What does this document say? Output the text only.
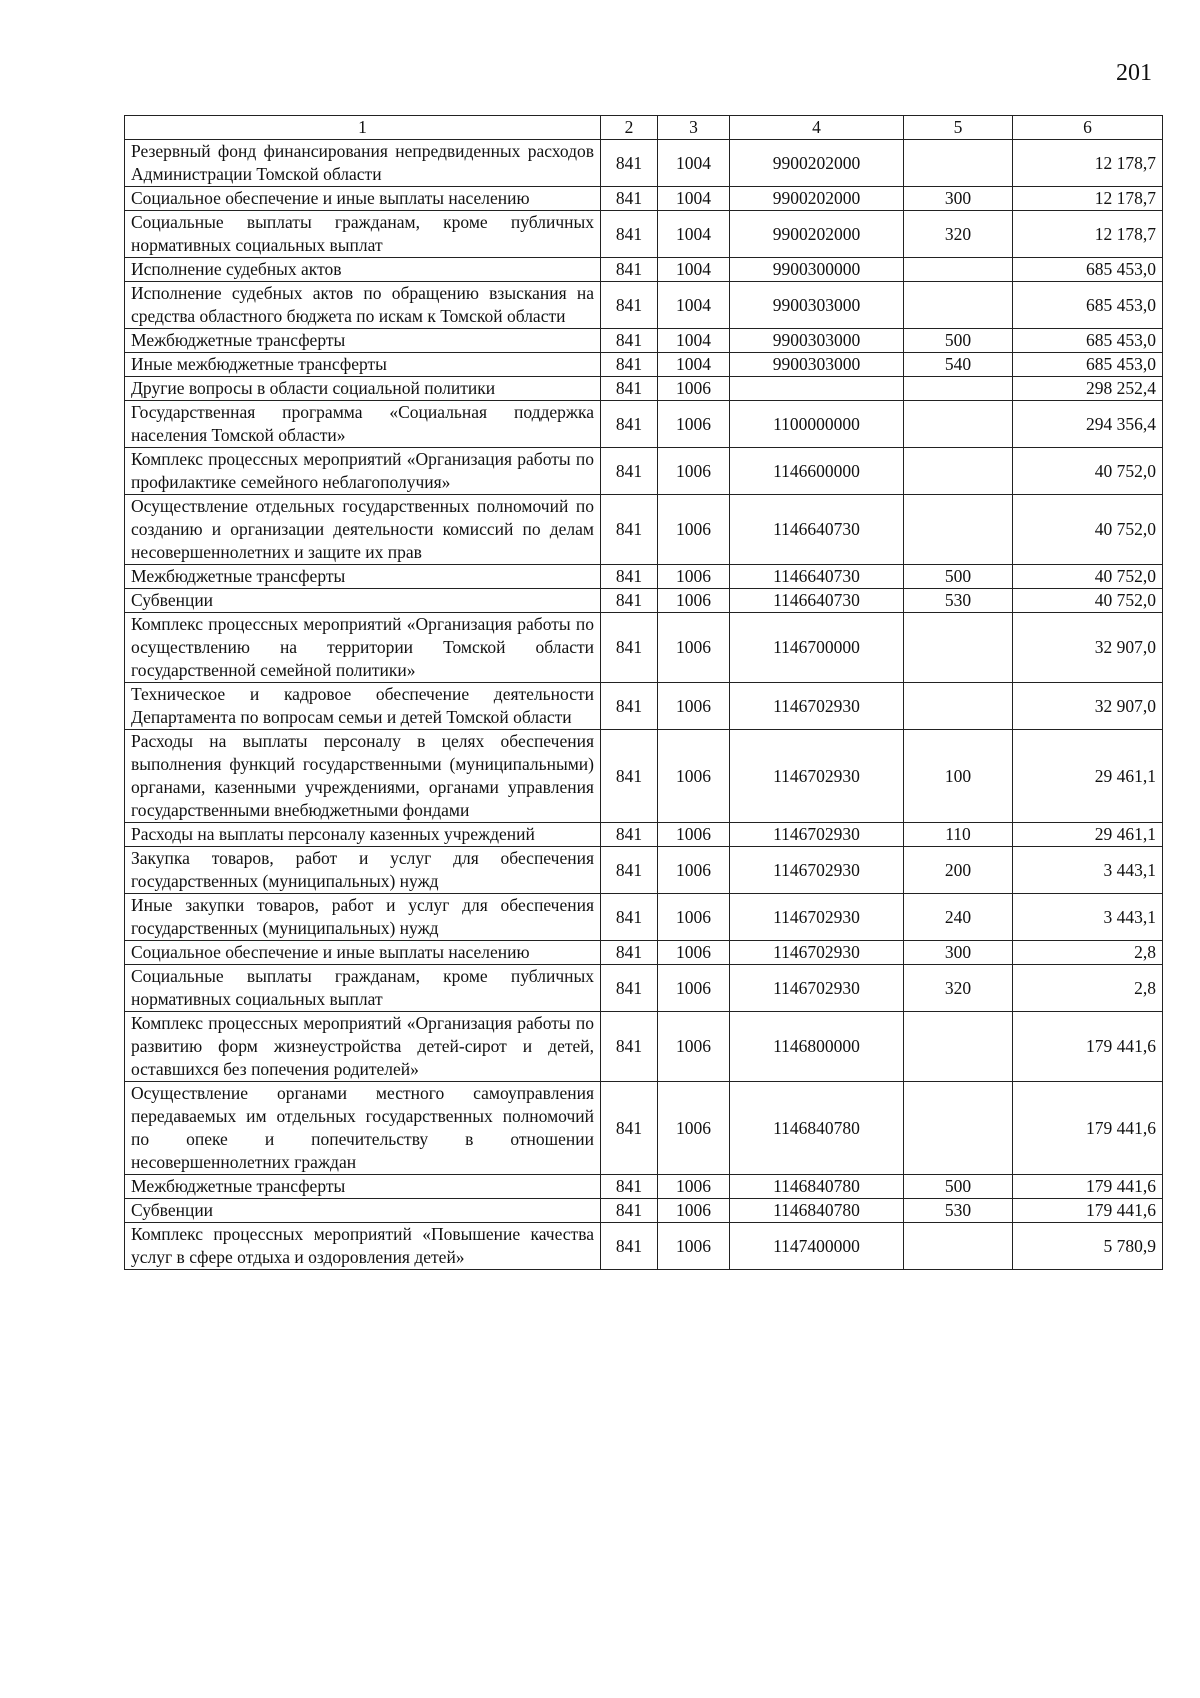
201
1	2	3	4	5	6
Резервный фонд финансирования непредвиденных расходов Администрации Томской области	841	1004	9900202000		12 178,7
Социальное обеспечение и иные выплаты населению	841	1004	9900202000	300	12 178,7
Социальные выплаты гражданам, кроме публичных нормативных социальных выплат	841	1004	9900202000	320	12 178,7
Исполнение судебных актов	841	1004	9900300000		685 453,0
Исполнение судебных актов по обращению взыскания на средства областного бюджета по искам к Томской области	841	1004	9900303000		685 453,0
Межбюджетные трансферты	841	1004	9900303000	500	685 453,0
Иные межбюджетные трансферты	841	1004	9900303000	540	685 453,0
Другие вопросы в области социальной политики	841	1006			298 252,4
Государственная программа «Социальная поддержка населения Томской области»	841	1006	1100000000		294 356,4
Комплекс процессных мероприятий «Организация работы по профилактике семейного неблагополучия»	841	1006	1146600000		40 752,0
Осуществление отдельных государственных полномочий по созданию и организации деятельности комиссий по делам несовершеннолетних и защите их прав	841	1006	1146640730		40 752,0
Межбюджетные трансферты	841	1006	1146640730	500	40 752,0
Субвенции	841	1006	1146640730	530	40 752,0
Комплекс процессных мероприятий «Организация работы по осуществлению на территории Томской области государственной семейной политики»	841	1006	1146700000		32 907,0
Техническое и кадровое обеспечение деятельности Департамента по вопросам семьи и детей Томской области	841	1006	1146702930		32 907,0
Расходы на выплаты персоналу в целях обеспечения выполнения функций государственными (муниципальными) органами, казенными учреждениями, органами управления государственными внебюджетными фондами	841	1006	1146702930	100	29 461,1
Расходы на выплаты персоналу казенных учреждений	841	1006	1146702930	110	29 461,1
Закупка товаров, работ и услуг для обеспечения государственных (муниципальных) нужд	841	1006	1146702930	200	3 443,1
Иные закупки товаров, работ и услуг для обеспечения государственных (муниципальных) нужд	841	1006	1146702930	240	3 443,1
Социальное обеспечение и иные выплаты населению	841	1006	1146702930	300	2,8
Социальные выплаты гражданам, кроме публичных нормативных социальных выплат	841	1006	1146702930	320	2,8
Комплекс процессных мероприятий «Организация работы по развитию форм жизнеустройства детей-сирот и детей, оставшихся без попечения родителей»	841	1006	1146800000		179 441,6
Осуществление органами местного самоуправления передаваемых им отдельных государственных полномочий по опеке и попечительству в отношении несовершеннолетних граждан	841	1006	1146840780		179 441,6
Межбюджетные трансферты	841	1006	1146840780	500	179 441,6
Субвенции	841	1006	1146840780	530	179 441,6
Комплекс процессных мероприятий «Повышение качества услуг в сфере отдыха и оздоровления детей»	841	1006	1147400000		5 780,9
